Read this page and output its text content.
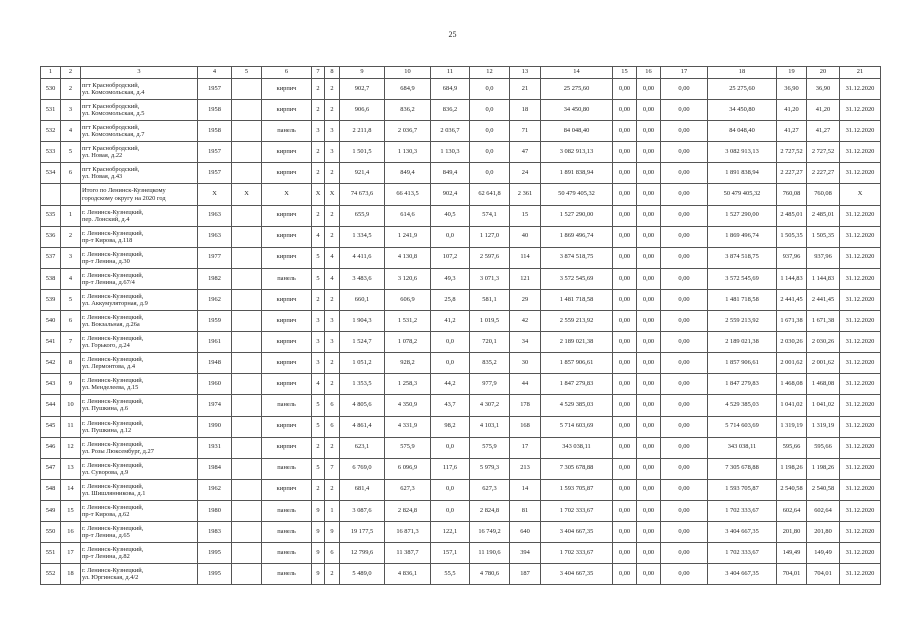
25
1	2	3	4	5	6	7	8	9	10	11	12	13	14	15	16	17	18	19	20	21
530	2	пгт Краснобродский,
ул. Комсомольская, д.4	1957		кирпич	2	2	902,7	684,9	684,9	0,0	21	25 275,60	0,00	0,00	0,00	25 275,60	36,90	36,90	31.12.2020
531	3	пгт Краснобродский,
ул. Комсомольская, д.5	1958		кирпич	2	2	906,6	836,2	836,2	0,0	18	34 450,80	0,00	0,00	0,00	34 450,80	41,20	41,20	31.12.2020
532	4	пгт Краснобродский,
ул. Комсомольская, д.7	1958		панель	3	3	2 211,8	2 036,7	2 036,7	0,0	71	84 048,40	0,00	0,00	0,00	84 048,40	41,27	41,27	31.12.2020
533	5	пгт Краснобродский,
ул. Новая, д.22	1957		кирпич	2	3	1 501,5	1 130,3	1 130,3	0,0	47	3 082 913,13	0,00	0,00	0,00	3 082 913,13	2 727,52	2 727,52	31.12.2020
534	6	пгт Краснобродский,
ул. Новая, д.43	1957		кирпич	2	2	921,4	849,4	849,4	0,0	24	1 891 838,94	0,00	0,00	0,00	1 891 838,94	2 227,27	2 227,27	31.12.2020

		Итого по Ленинск-Кузнецкому
городскому округу на 2020 год	X	X	X	X	X	74 673,6	66 413,5	902,4	62 641,8	2 361	50 479 405,32	0,00	0,00	0,00	50 479 405,32	760,08	760,08	X
535	1	г. Ленинск-Кузнецкий,
пер. Лонский, д.4	1963		кирпич	2	2	655,9	614,6	40,5	574,1	15	1 527 290,00	0,00	0,00	0,00	1 527 290,00	2 485,01	2 485,01	31.12.2020
536	2	г. Ленинск-Кузнецкий,
пр-т Кирова, д.118	1963		кирпич	4	2	1 334,5	1 241,9	0,0	1 127,0	40	1 869 496,74	0,00	0,00	0,00	1 869 496,74	1 505,35	1 505,35	31.12.2020
537	3	г. Ленинск-Кузнецкий,
пр-т Ленина, д.30	1977		кирпич	5	4	4 411,6	4 130,8	107,2	2 597,6	114	3 874 518,75	0,00	0,00	0,00	3 874 518,75	937,96	937,96	31.12.2020
538	4	г. Ленинск-Кузнецкий,
пр-т Ленина, д.67/4	1982		панель	5	4	3 483,6	3 120,6	49,3	3 071,3	121	3 572 545,69	0,00	0,00	0,00	3 572 545,69	1 144,83	1 144,83	31.12.2020
539	5	г. Ленинск-Кузнецкий,
ул. Аккумуляторная, д.9	1962		кирпич	2	2	660,1	606,9	25,8	581,1	29	1 481 718,58	0,00	0,00	0,00	1 481 718,58	2 441,45	2 441,45	31.12.2020
540	6	г. Ленинск-Кузнецкий,
ул. Вокзальная, д.26а	1959		кирпич	3	3	1 904,3	1 531,2	41,2	1 019,5	42	2 559 213,92	0,00	0,00	0,00	2 559 213,92	1 671,38	1 671,38	31.12.2020
541	7	г. Ленинск-Кузнецкий,
ул. Горького, д.24	1961		кирпич	3	3	1 524,7	1 078,2	0,0	720,1	34	2 189 021,38	0,00	0,00	0,00	2 189 021,38	2 030,26	2 030,26	31.12.2020
542	8	г. Ленинск-Кузнецкий,
ул. Лермонтова, д.4	1948		кирпич	3	2	1 051,2	928,2	0,0	835,2	30	1 857 906,61	0,00	0,00	0,00	1 857 906,61	2 001,62	2 001,62	31.12.2020
543	9	г. Ленинск-Кузнецкий,
ул. Менделеева, д.15	1960		кирпич	4	2	1 353,5	1 258,3	44,2	977,9	44	1 847 279,83	0,00	0,00	0,00	1 847 279,83	1 468,08	1 468,08	31.12.2020
544	10	г. Ленинск-Кузнецкий,
ул. Пушкина, д.6	1974		панель	5	6	4 805,6	4 350,9	43,7	4 307,2	178	4 529 385,03	0,00	0,00	0,00	4 529 385,03	1 041,02	1 041,02	31.12.2020
545	11	г. Ленинск-Кузнецкий,
ул. Пушкина, д.12	1990		кирпич	5	6	4 861,4	4 331,9	98,2	4 103,1	168	5 714 603,69	0,00	0,00	0,00	5 714 603,69	1 319,19	1 319,19	31.12.2020
546	12	г. Ленинск-Кузнецкий,
ул. Розы Люксембург, д.27	1931		кирпич	2	2	623,1	575,9	0,0	575,9	17	343 038,11	0,00	0,00	0,00	343 038,11	595,66	595,66	31.12.2020
547	13	г. Ленинск-Кузнецкий,
ул. Суворова, д.9	1984		панель	5	7	6 769,0	6 096,9	117,6	5 979,3	213	7 305 678,88	0,00	0,00	0,00	7 305 678,88	1 198,26	1 198,26	31.12.2020
548	14	г. Ленинск-Кузнецкий,
ул. Шишлянникова, д.1	1962		кирпич	2	2	681,4	627,3	0,0	627,3	14	1 593 705,87	0,00	0,00	0,00	1 593 705,87	2 540,58	2 540,58	31.12.2020
549	15	г. Ленинск-Кузнецкий,
пр-т Кирова, д.62	1980		панель	9	1	3 087,6	2 824,8	0,0	2 824,8	81	1 702 333,67	0,00	0,00	0,00	1 702 333,67	602,64	602,64	31.12.2020
550	16	г. Ленинск-Кузнецкий,
пр-т Ленина, д.65	1983		панель	9	9	19 177,5	16 871,3	122,1	16 749,2	640	3 404 667,35	0,00	0,00	0,00	3 404 667,35	201,80	201,80	31.12.2020
551	17	г. Ленинск-Кузнецкий,
пр-т Ленина, д.82	1995		панель	9	6	12 799,6	11 387,7	157,1	11 190,6	394	1 702 333,67	0,00	0,00	0,00	1 702 333,67	149,49	149,49	31.12.2020
552	18	г. Ленинск-Кузнецкий,
ул. Юргинская, д.4/2	1995		панель	9	2	5 489,0	4 836,1	55,5	4 780,6	187	3 404 667,35	0,00	0,00	0,00	3 404 667,35	704,01	704,01	31.12.2020
